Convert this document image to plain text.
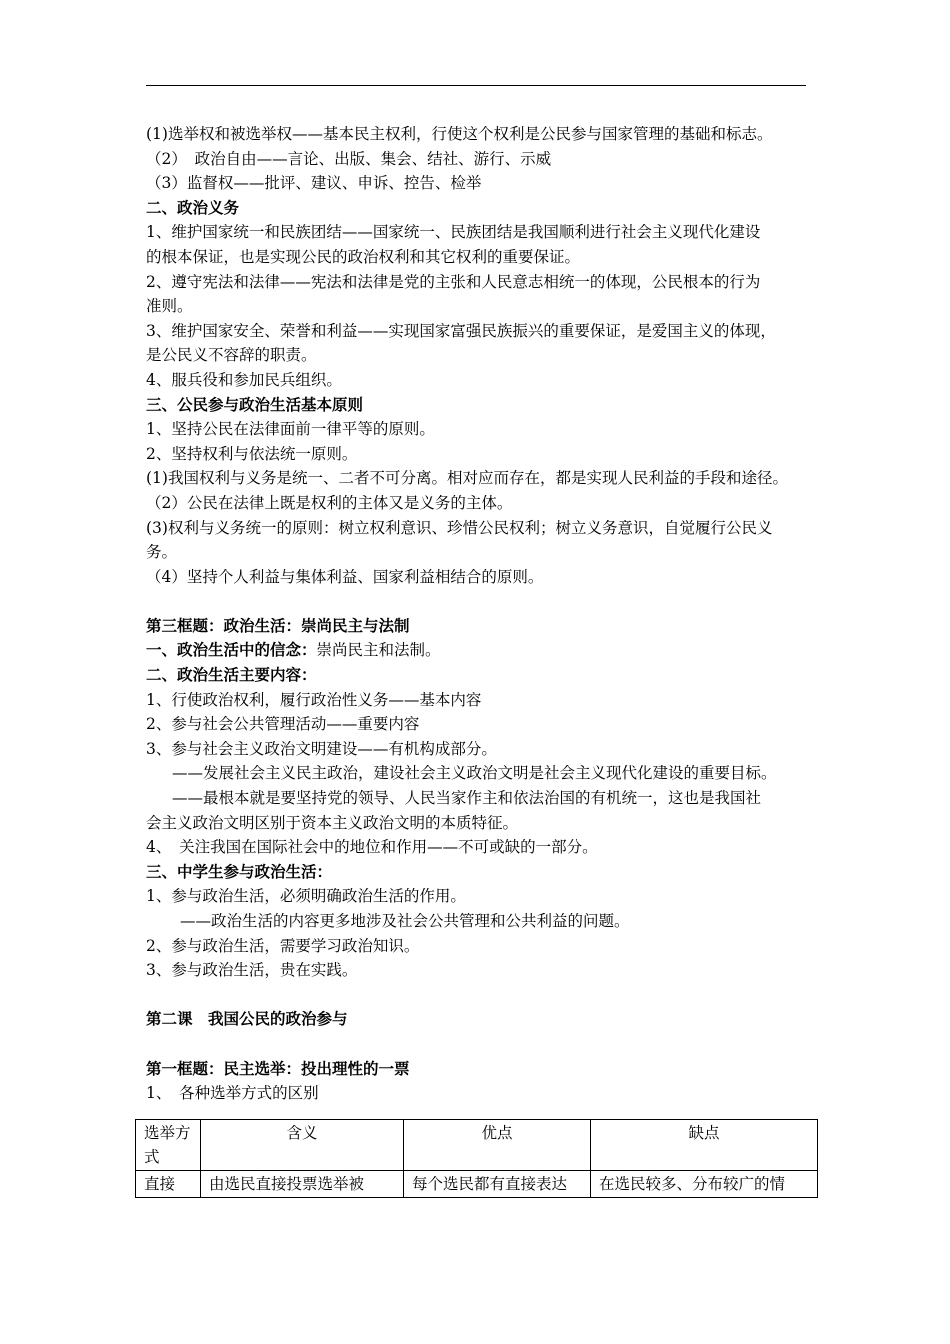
(1)选举权和被选举权——基本民主权利，行使这个权利是公民参与国家管理的基础和标志。
（2）　政治自由——言论、出版、集会、结社、游行、示威
（3）监督权——批评、建议、申诉、控告、检举
二、政治义务
1、维护国家统一和民族团结——国家统一、民族团结是我国顺利进行社会主义现代化建设
的根本保证，也是实现公民的政治权利和其它权利的重要保证。
2、遵守宪法和法律——宪法和法律是党的主张和人民意志相统一的体现，公民根本的行为
准则。
3、维护国家安全、荣誉和利益——实现国家富强民族振兴的重要保证，是爱国主义的体现，
是公民义不容辞的职责。
4、服兵役和参加民兵组织。
三、公民参与政治生活基本原则
1、坚持公民在法律面前一律平等的原则。
2、坚持权利与依法统一原则。
(1)我国权利与义务是统一、二者不可分离。相对应而存在，都是实现人民利益的手段和途径。
（2）公民在法律上既是权利的主体又是义务的主体。
(3)权利与义务统一的原则：树立权利意识、珍惜公民权利；树立义务意识，自觉履行公民义
务。
（4）坚持个人利益与集体利益、国家利益相结合的原则。
第三框题：政治生活：崇尚民主与法制
一、政治生活中的信念：崇尚民主和法制。
二、政治生活主要内容：
1、行使政治权利，履行政治性义务——基本内容
2、参与社会公共管理活动——重要内容
3、参与社会主义政治文明建设——有机构成部分。
——发展社会主义民主政治，建设社会主义政治文明是社会主义现代化建设的重要目标。
——最根本就是要坚持党的领导、人民当家作主和依法治国的有机统一，这也是我国社
会主义政治文明区别于资本主义政治文明的本质特征。
4、　关注我国在国际社会中的地位和作用——不可或缺的一部分。
三、中学生参与政治生活：
1、参与政治生活，必须明确政治生活的作用。
——政治生活的内容更多地涉及社会公共管理和公共利益的问题。
2、参与政治生活，需要学习政治知识。
3、参与政治生活，贵在实践。
第二课　我国公民的政治参与
第一框题：民主选举：投出理性的一票
1、　各种选举方式的区别
选举方式	含义	优点	缺点
直接	由选民直接投票选举被	每个选民都有直接表达	在选民较多、分布较广的情
